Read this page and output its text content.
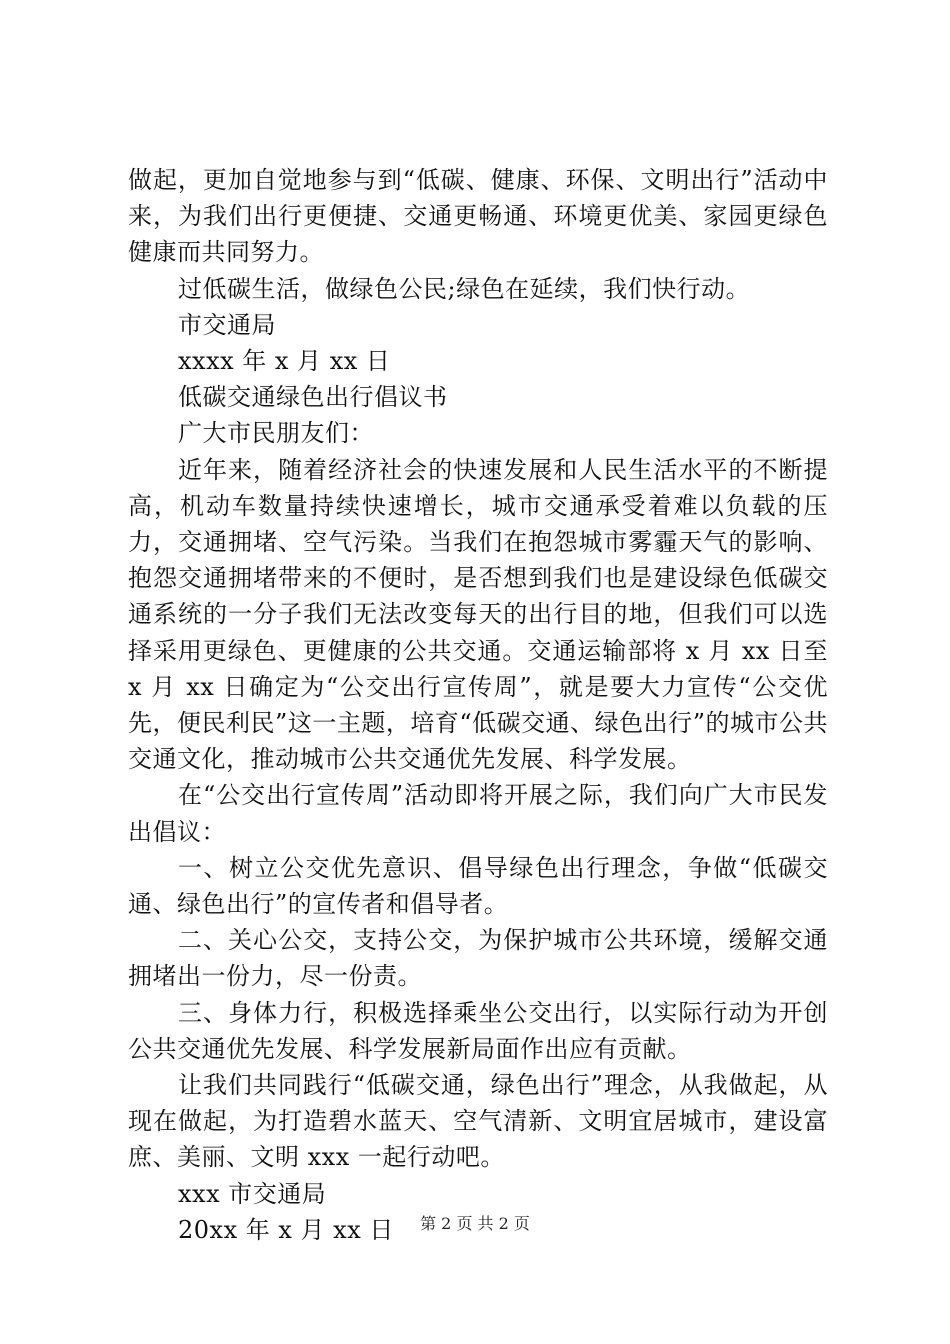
做起，更加自觉地参与到“低碳、健康、环保、文明出行”活动中来，为我们出行更便捷、交通更畅通、环境更优美、家园更绿色健康而共同努力。

过低碳生活，做绿色公民;绿色在延续，我们快行动。

市交通局

xxxx 年 x 月 xx 日

低碳交通绿色出行倡议书

广大市民朋友们：

近年来，随着经济社会的快速发展和人民生活水平的不断提高，机动车数量持续快速增长，城市交通承受着难以负载的压力，交通拥堵、空气污染。当我们在抱怨城市雾霾天气的影响、抱怨交通拥堵带来的不便时，是否想到我们也是建设绿色低碳交通系统的一分子我们无法改变每天的出行目的地，但我们可以选择采用更绿色、更健康的公共交通。交通运输部将 x 月 xx 日至 x 月 xx 日确定为“公交出行宣传周”，就是要大力宣传“公交优先，便民利民”这一主题，培育“低碳交通、绿色出行”的城市公共交通文化，推动城市公共交通优先发展、科学发展。

在“公交出行宣传周”活动即将开展之际，我们向广大市民发出倡议：

一、树立公交优先意识、倡导绿色出行理念，争做“低碳交通、绿色出行”的宣传者和倡导者。

二、关心公交，支持公交，为保护城市公共环境，缓解交通拥堵出一份力，尽一份责。

三、身体力行，积极选择乘坐公交出行，以实际行动为开创公共交通优先发展、科学发展新局面作出应有贡献。

让我们共同践行“低碳交通，绿色出行”理念，从我做起，从现在做起，为打造碧水蓝天、空气清新、文明宜居城市，建设富庶、美丽、文明 xxx 一起行动吧。

xxx 市交通局

20xx 年 x 月 xx 日	第 2 页 共 2 页
